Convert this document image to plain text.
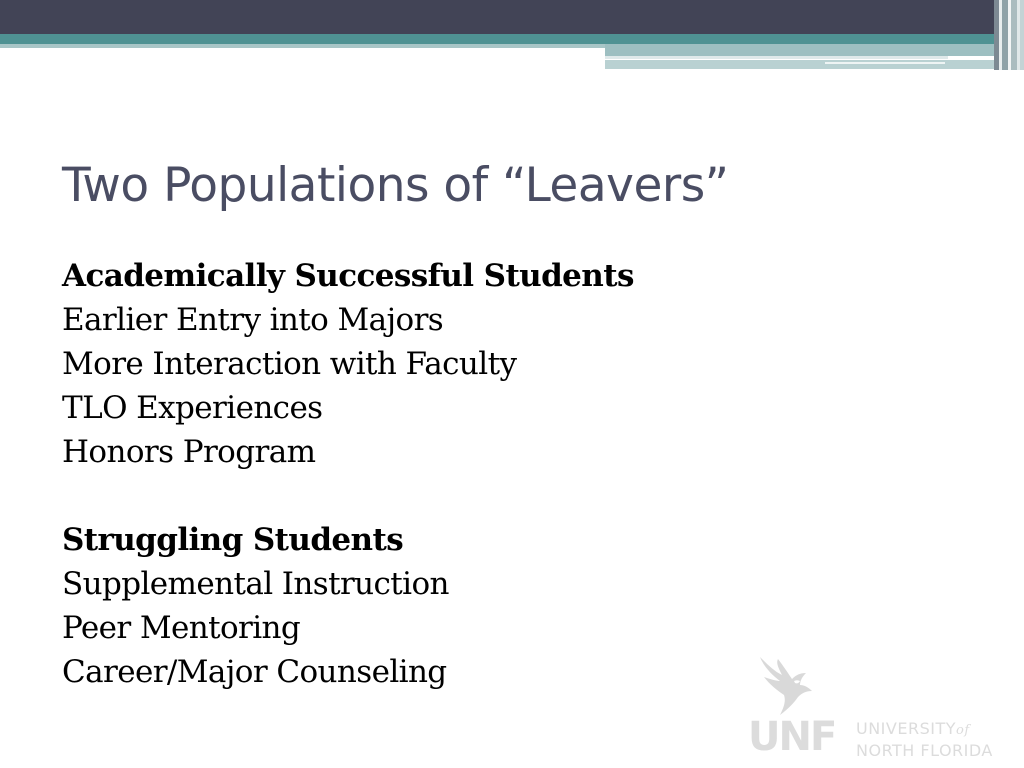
Two Populations of “Leavers”
Academically Successful Students
Earlier Entry into Majors
More Interaction with Faculty
TLO Experiences
Honors Program
Struggling Students
Supplemental Instruction
Peer Mentoring
Career/Major Counseling
UNF UNIVERSITYof
NORTH FLORIDA
